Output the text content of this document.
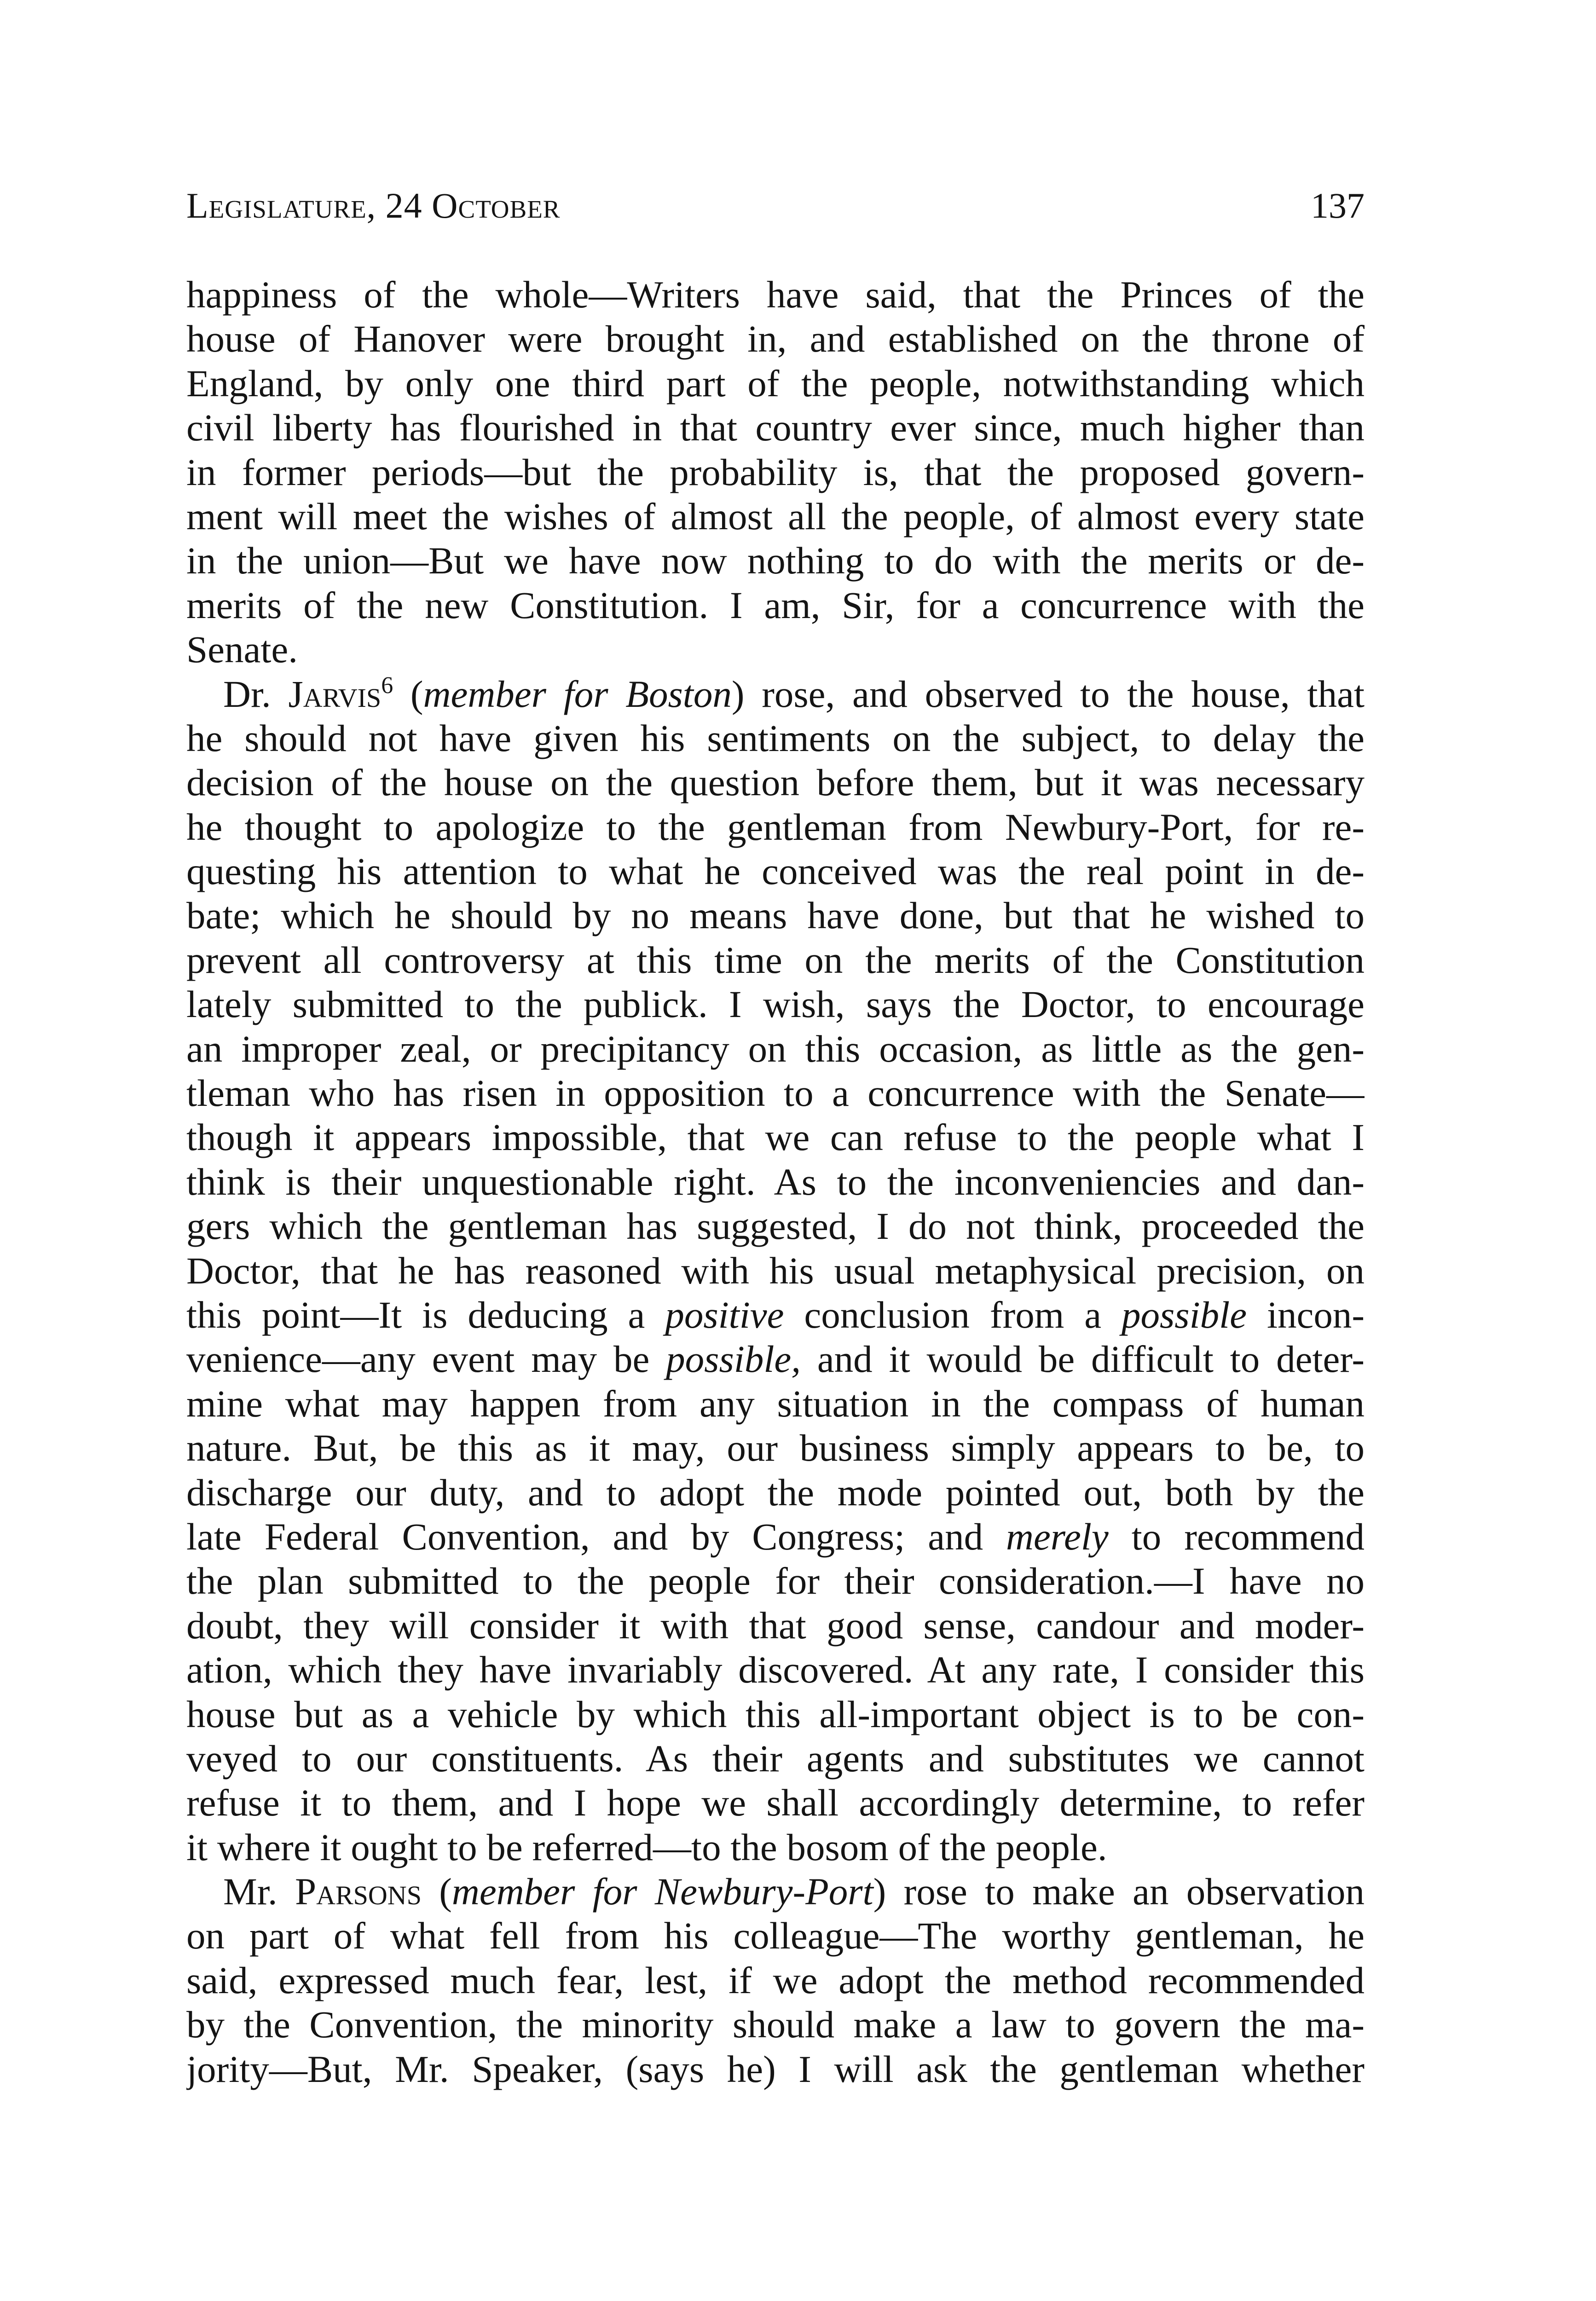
Legislature, 24 October	137
happiness of the whole—Writers have said, that the Princes of the
house of Hanover were brought in, and established on the throne of
England, by only one third part of the people, notwithstanding which
civil liberty has flourished in that country ever since, much higher than
in former periods—but the probability is, that the proposed govern-
ment will meet the wishes of almost all the people, of almost every state
in the union—But we have now nothing to do with the merits or de-
merits of the new Constitution. I am, Sir, for a concurrence with the
Senate.
Dr. Jarvis$^6$ (member for Boston) rose, and observed to the house, that
he should not have given his sentiments on the subject, to delay the
decision of the house on the question before them, but it was necessary
he thought to apologize to the gentleman from Newbury-Port, for re-
questing his attention to what he conceived was the real point in de-
bate; which he should by no means have done, but that he wished to
prevent all controversy at this time on the merits of the Constitution
lately submitted to the publick. I wish, says the Doctor, to encourage
an improper zeal, or precipitancy on this occasion, as little as the gen-
tleman who has risen in opposition to a concurrence with the Senate—
though it appears impossible, that we can refuse to the people what I
think is their unquestionable right. As to the inconveniencies and dan-
gers which the gentleman has suggested, I do not think, proceeded the
Doctor, that he has reasoned with his usual metaphysical precision, on
this point—It is deducing a positive conclusion from a possible incon-
venience—any event may be possible, and it would be difficult to deter-
mine what may happen from any situation in the compass of human
nature. But, be this as it may, our business simply appears to be, to
discharge our duty, and to adopt the mode pointed out, both by the
late Federal Convention, and by Congress; and merely to recommend
the plan submitted to the people for their consideration.—I have no
doubt, they will consider it with that good sense, candour and moder-
ation, which they have invariably discovered. At any rate, I consider this
house but as a vehicle by which this all-important object is to be con-
veyed to our constituents. As their agents and substitutes we cannot
refuse it to them, and I hope we shall accordingly determine, to refer
it where it ought to be referred—to the bosom of the people.
Mr. Parsons (member for Newbury-Port) rose to make an observation
on part of what fell from his colleague—The worthy gentleman, he
said, expressed much fear, lest, if we adopt the method recommended
by the Convention, the minority should make a law to govern the ma-
jority—But, Mr. Speaker, (says he) I will ask the gentleman whether
